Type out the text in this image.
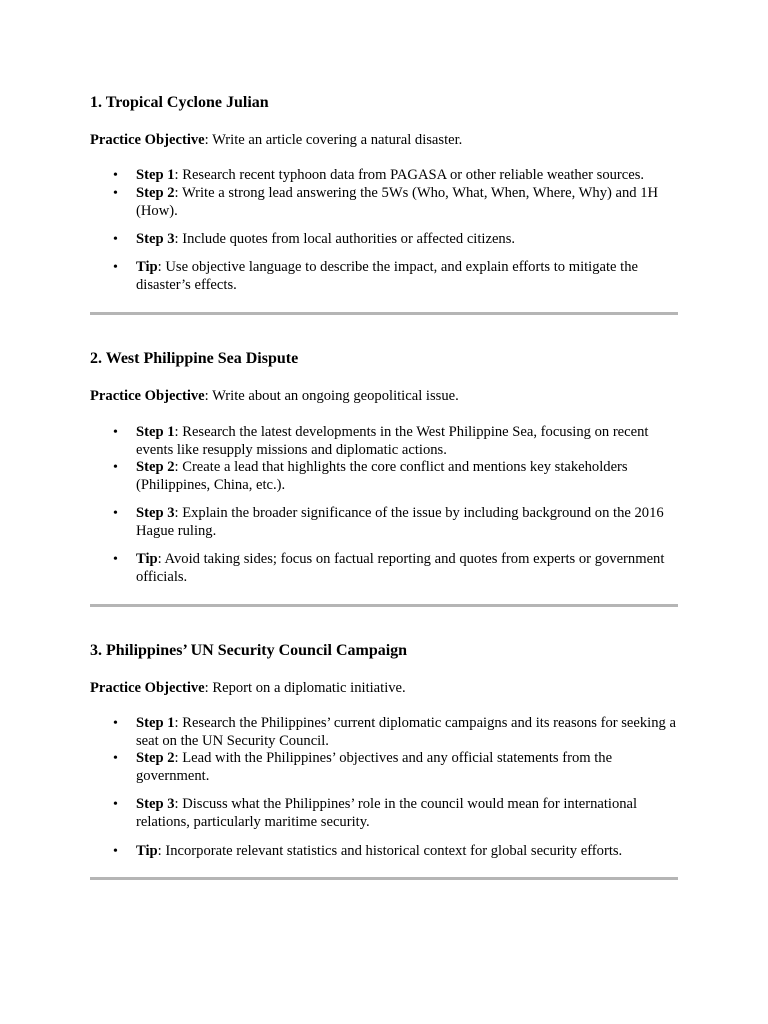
1. Tropical Cyclone Julian

Practice Objective: Write an article covering a natural disaster.

• Step 1: Research recent typhoon data from PAGASA or other reliable weather sources.
• Step 2: Write a strong lead answering the 5Ws (Who, What, When, Where, Why) and 1H (How).
• Step 3: Include quotes from local authorities or affected citizens.
• Tip: Use objective language to describe the impact, and explain efforts to mitigate the disaster’s effects.
2. West Philippine Sea Dispute

Practice Objective: Write about an ongoing geopolitical issue.

• Step 1: Research the latest developments in the West Philippine Sea, focusing on recent events like resupply missions and diplomatic actions.
• Step 2: Create a lead that highlights the core conflict and mentions key stakeholders (Philippines, China, etc.).
• Step 3: Explain the broader significance of the issue by including background on the 2016 Hague ruling.
• Tip: Avoid taking sides; focus on factual reporting and quotes from experts or government officials.
3. Philippines’ UN Security Council Campaign

Practice Objective: Report on a diplomatic initiative.

• Step 1: Research the Philippines’ current diplomatic campaigns and its reasons for seeking a seat on the UN Security Council.
• Step 2: Lead with the Philippines’ objectives and any official statements from the government.
• Step 3: Discuss what the Philippines’ role in the council would mean for international relations, particularly maritime security.
• Tip: Incorporate relevant statistics and historical context for global security efforts.
